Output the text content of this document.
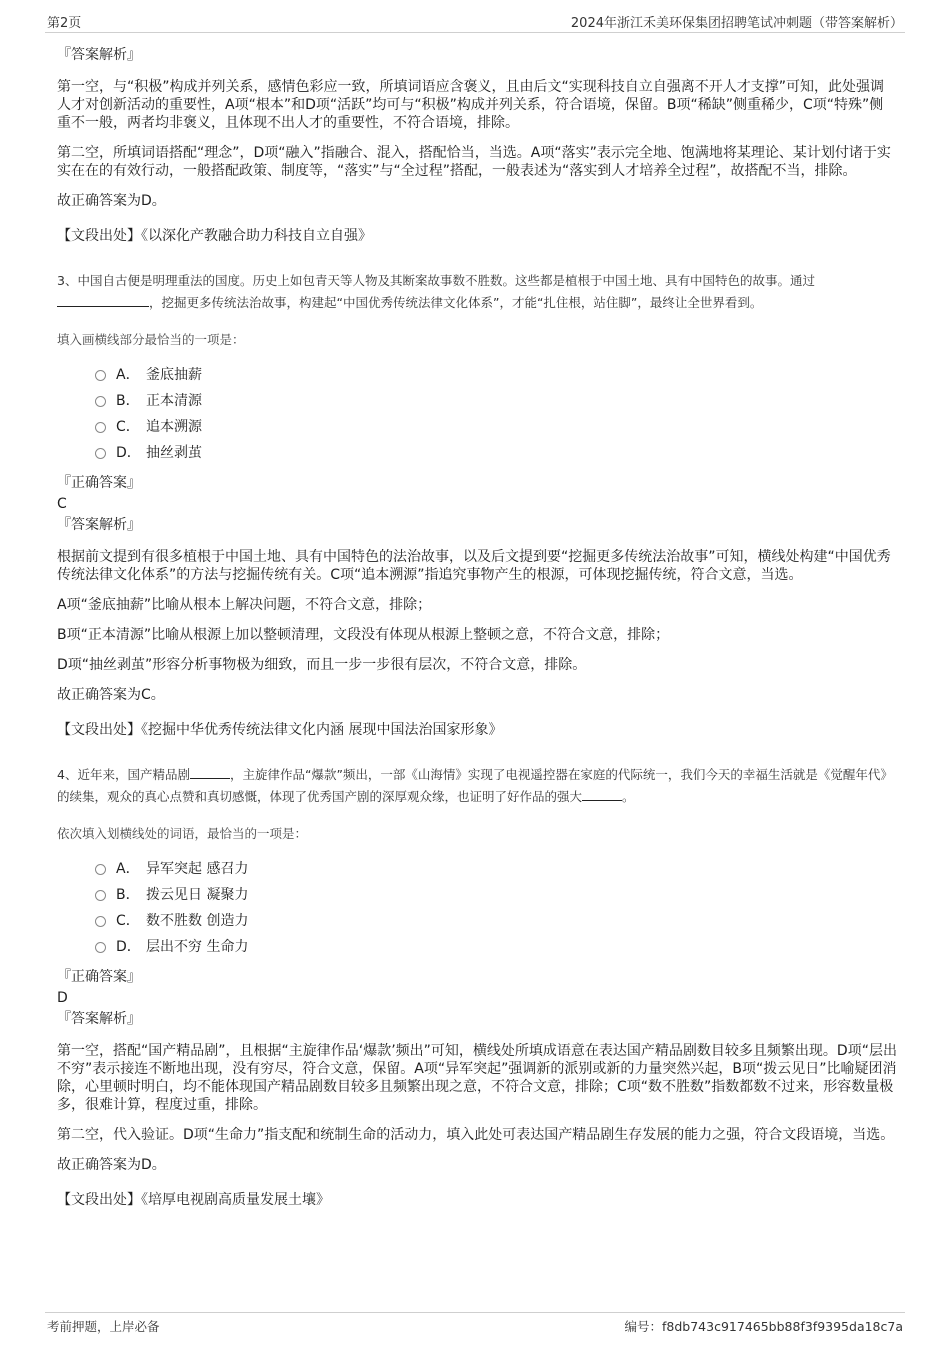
第2页	2024年浙江禾美环保集团招聘笔试冲刺题（带答案解析）
『答案解析』

第一空，与“积极”构成并列关系，感情色彩应一致，所填词语应含褒义，且由后文“实现科技自立自强离不开人才支撑”可知，此处强调人才对创新活动的重要性，A项“根本”和D项“活跃”均可与“积极”构成并列关系，符合语境，保留。B项“稀缺”侧重稀少，C项“特殊”侧重不一般，两者均非褒义，且体现不出人才的重要性，不符合语境，排除。

第二空，所填词语搭配“理念”，D项“融入”指融合、混入，搭配恰当，当选。A项“落实”表示完全地、饱满地将某理论、某计划付诸于实实在在的有效行动，一般搭配政策、制度等，“落实”与“全过程”搭配，一般表述为“落实到人才培养全过程”，故搭配不当，排除。

故正确答案为D。

【文段出处】《以深化产教融合助力科技自立自强》
3、中国自古便是明理重法的国度。历史上如包青天等人物及其断案故事数不胜数。这些都是植根于中国土地、具有中国特色的故事。通过，挖掘更多传统法治故事，构建起“中国优秀传统法律文化体系”，才能“扎住根，站住脚”，最终让全世界看到。
填入画横线部分最恰当的一项是：
A． 釜底抽薪
B． 正本清源
C． 追本溯源
D． 抽丝剥茧
『正确答案』
C
『答案解析』

根据前文提到有很多植根于中国土地、具有中国特色的法治故事，以及后文提到要“挖掘更多传统法治故事”可知，横线处构建“中国优秀传统法律文化体系”的方法与挖掘传统有关。C项“追本溯源”指追究事物产生的根源，可体现挖掘传统，符合文意，当选。

A项“釜底抽薪”比喻从根本上解决问题，不符合文意，排除；

B项“正本清源”比喻从根源上加以整顿清理，文段没有体现从根源上整顿之意，不符合文意，排除；

D项“抽丝剥茧”形容分析事物极为细致，而且一步一步很有层次，不符合文意，排除。

故正确答案为C。

【文段出处】《挖掘中华优秀传统法律文化内涵 展现中国法治国家形象》
4、近年来，国产精品剧	，主旋律作品“爆款”频出，一部《山海情》实现了电视遥控器在家庭的代际统一，我们今天的幸福生活就是《觉醒年代》的续集，观众的真心点赞和真切感慨，体现了优秀国产剧的深厚观众缘，也证明了好作品的强大	。
依次填入划横线处的词语，最恰当的一项是：
A． 异军突起 感召力
B． 拨云见日 凝聚力
C． 数不胜数 创造力
D． 层出不穷 生命力
『正确答案』
D
『答案解析』

第一空，搭配“国产精品剧”，且根据“主旋律作品‘爆款’频出”可知，横线处所填成语意在表达国产精品剧数目较多且频繁出现。D项“层出不穷”表示接连不断地出现，没有穷尽，符合文意，保留。A项“异军突起”强调新的派别或新的力量突然兴起，B项“拨云见日”比喻疑团消除，心里顿时明白，均不能体现国产精品剧数目较多且频繁出现之意，不符合文意，排除；C项“数不胜数”指数都数不过来，形容数量极多，很难计算，程度过重，排除。

第二空，代入验证。D项“生命力”指支配和统制生命的活动力，填入此处可表达国产精品剧生存发展的能力之强，符合文段语境，当选。

故正确答案为D。

【文段出处】《培厚电视剧高质量发展土壤》
考前押题，上岸必备	编号：f8db743c917465bb88f3f9395da18c7a
